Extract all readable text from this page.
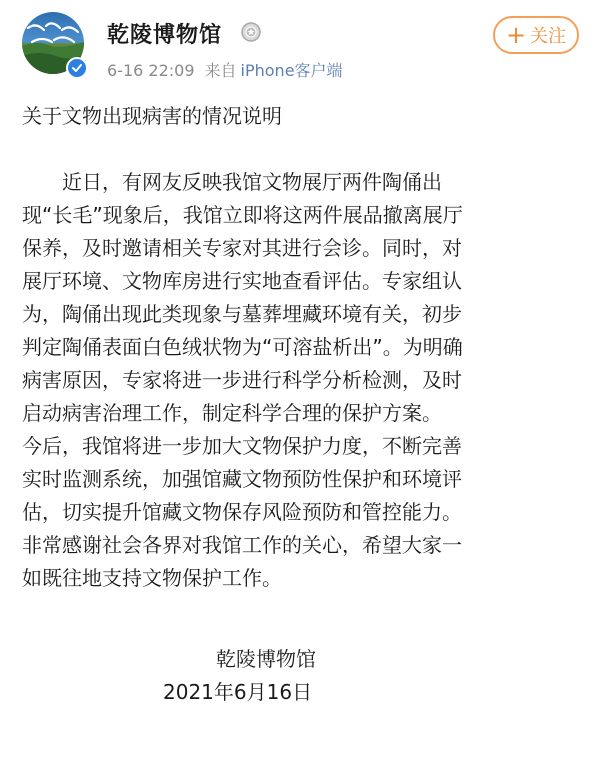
乾陵博物馆
6-16 22:09 来自 iPhone客户端
+ 关注

关于文物出现病害的情况说明

　　近日，有网友反映我馆文物展厅两件陶俑出

现“长毛”现象后，我馆立即将这两件展品撤离展厅

保养，及时邀请相关专家对其进行会诊。同时，对

展厅环境、文物库房进行实地查看评估。专家组认

为，陶俑出现此类现象与墓葬埋藏环境有关，初步

判定陶俑表面白色绒状物为“可溶盐析出”。为明确

病害原因，专家将进一步进行科学分析检测，及时

启动病害治理工作，制定科学合理的保护方案。

今后，我馆将进一步加大文物保护力度，不断完善

实时监测系统，加强馆藏文物预防性保护和环境评

估，切实提升馆藏文物保存风险预防和管控能力。

非常感谢社会各界对我馆工作的关心，希望大家一

如既往地支持文物保护工作。

乾陵博物馆
2021年6月16日
